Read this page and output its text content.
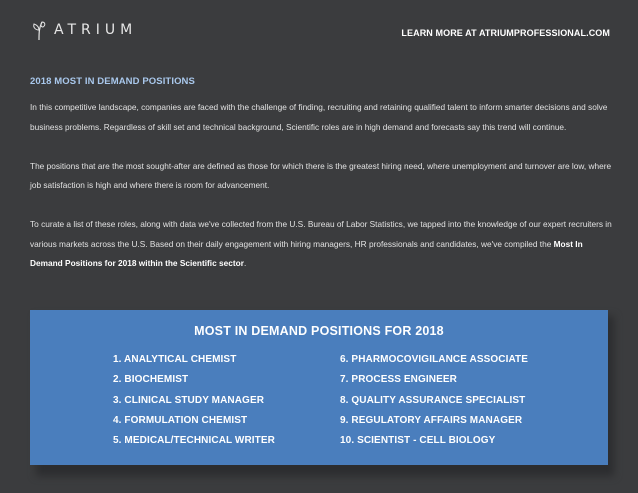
ATRIUM	LEARN MORE AT ATRIUMPROFESSIONAL.COM
2018 MOST IN DEMAND POSITIONS

In this competitive landscape, companies are faced with the challenge of finding, recruiting and retaining qualified talent to inform smarter decisions and solve business problems. Regardless of skill set and technical background, Scientific roles are in high demand and forecasts say this trend will continue.

The positions that are the most sought-after are defined as those for which there is the greatest hiring need, where unemployment and turnover are low, where job satisfaction is high and where there is room for advancement.

To curate a list of these roles, along with data we've collected from the U.S. Bureau of Labor Statistics, we tapped into the knowledge of our expert recruiters in various markets across the U.S. Based on their daily engagement with hiring managers, HR professionals and candidates, we've compiled the Most In Demand Positions for 2018 within the Scientific sector.

MOST IN DEMAND POSITIONS FOR 2018
1. ANALYTICAL CHEMIST
2. BIOCHEMIST
3. CLINICAL STUDY MANAGER
4. FORMULATION CHEMIST
5. MEDICAL/TECHNICAL WRITER
6. PHARMOCOVIGILANCE ASSOCIATE
7. PROCESS ENGINEER
8. QUALITY ASSURANCE SPECIALIST
9. REGULATORY AFFAIRS MANAGER
10. SCIENTIST - CELL BIOLOGY
